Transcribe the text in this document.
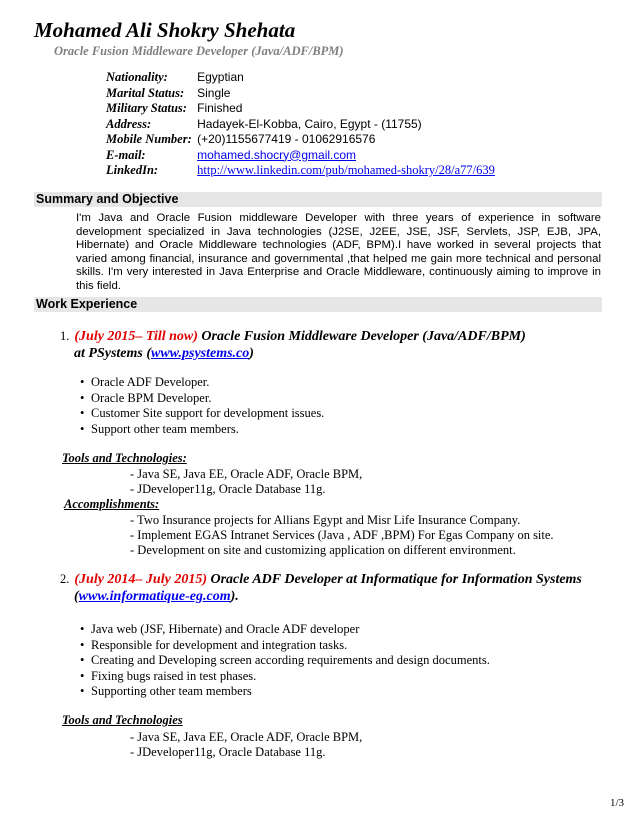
Mohamed Ali Shokry Shehata
Oracle Fusion Middleware Developer (Java/ADF/BPM)
Nationality: Egyptian
Marital Status: Single
Military Status: Finished
Address:	Hadayek-El-Kobba, Cairo, Egypt - (11755)
Mobile Number: (+20)1155677419 - 01062916576
E-mail:	mohamed.shocry@gmail.com
LinkedIn:	http://www.linkedin.com/pub/mohamed-shokry/28/a77/639
Summary and Objective
I'm Java and Oracle Fusion middleware Developer with three years of experience in software development specialized in Java technologies (J2SE, J2EE, JSE, JSF, Servlets, JSP, EJB, JPA, Hibernate) and Oracle Middleware technologies (ADF, BPM).I have worked in several projects that varied among financial, insurance and governmental ,that helped me gain more technical and personal skills. I'm very interested in Java Enterprise and Oracle Middleware, continuously aiming to improve in this field.
Work Experience
1. (July 2015– Till now) Oracle Fusion Middleware Developer (Java/ADF/BPM)
at PSystems (www.psystems.co)
• Oracle ADF Developer.
• Oracle BPM Developer.
• Customer Site support for development issues.
• Support other team members.
Tools and Technologies:
- Java SE, Java EE, Oracle ADF, Oracle BPM,
- JDeveloper11g, Oracle Database 11g.
Accomplishments:
- Two Insurance projects for Allians Egypt and Misr Life Insurance Company.
- Implement EGAS Intranet Services (Java , ADF ,BPM) For Egas Company on site.
- Development on site and customizing application on different environment.
2. (July 2014– July 2015) Oracle ADF Developer at Informatique for Information Systems
(www.informatique-eg.com).
• Java web (JSF, Hibernate) and Oracle ADF developer
• Responsible for development and integration tasks.
• Creating and Developing screen according requirements and design documents.
• Fixing bugs raised in test phases.
• Supporting other team members
Tools and Technologies
- Java SE, Java EE, Oracle ADF, Oracle BPM,
- JDeveloper11g, Oracle Database 11g.
1/3
